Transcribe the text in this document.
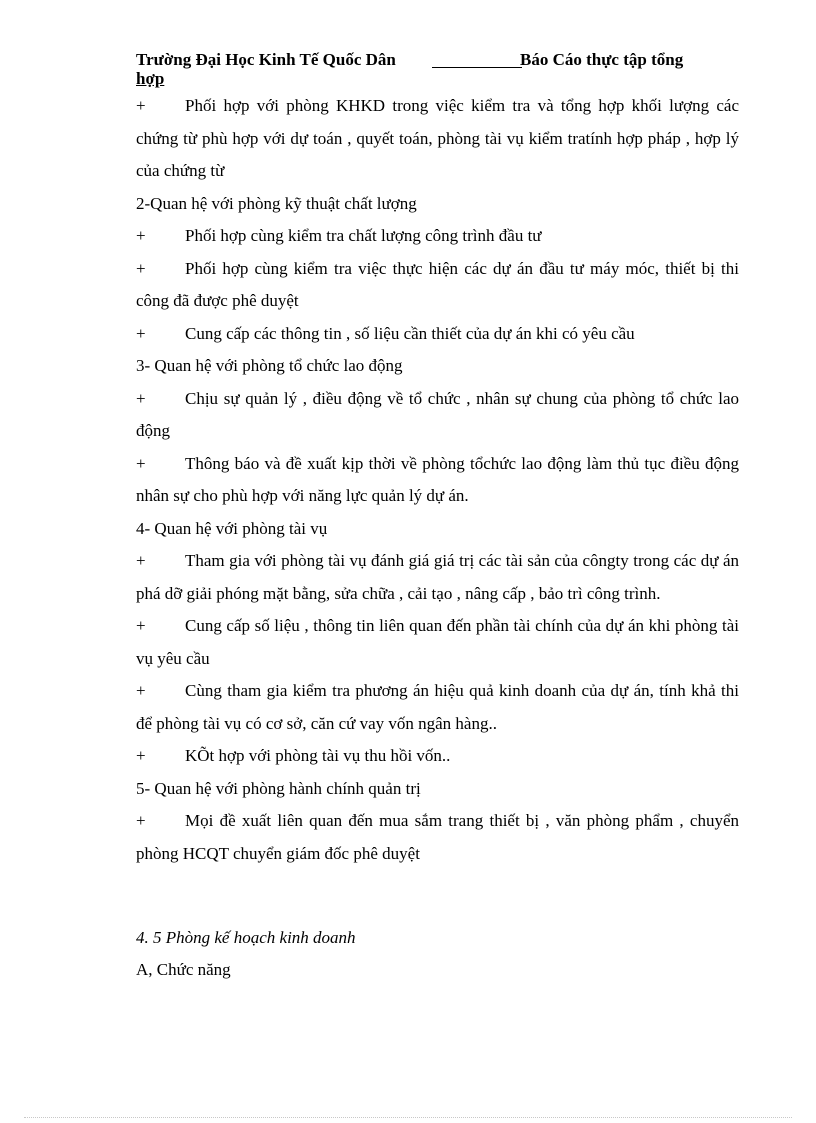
Trường Đại Học Kinh Tế Quốc Dân	Báo Cáo thực tập tổng
hợp

+ Phối hợp với phòng KHKD trong việc kiểm tra và tổng hợp khối lượng các chứng từ phù hợp với dự toán , quyết toán, phòng tài vụ kiểm tratính hợp pháp , hợp lý của chứng từ

2-Quan hệ với phòng kỹ thuật chất lượng

+ Phối hợp cùng kiểm tra chất lượng công trình đầu tư

+ Phối hợp cùng kiểm tra việc thực hiện các dự án đầu tư máy móc, thiết bị thi công đã được phê duyệt

+ Cung cấp các thông tin , số liệu cần thiết của dự án khi có yêu cầu

3- Quan hệ với phòng tổ chức lao động

+ Chịu sự quản lý , điều động về tổ chức , nhân sự chung của phòng tổ chức lao động

+ Thông báo và đề xuất kịp thời về phòng tổchức lao động làm thủ tục điều động nhân sự cho phù hợp với năng lực quản lý dự án.

4- Quan hệ với phòng tài vụ

+ Tham gia với phòng tài vụ đánh giá giá trị các tài sản của côngty trong các dự án phá dỡ giải phóng mặt bằng, sửa chữa , cải tạo , nâng cấp , bảo trì công trình.

+ Cung cấp số liệu , thông tin liên quan đến phần tài chính của dự án khi phòng tài vụ yêu cầu

+ Cùng tham gia kiểm tra phương án hiệu quả kinh doanh của dự án, tính khả thi để phòng tài vụ có cơ sở, căn cứ vay vốn ngân hàng..

+ KÕt hợp với phòng tài vụ thu hồi vốn..

5- Quan hệ với phòng hành chính quản trị

+ Mọi đề xuất liên quan đến mua sắm trang thiết bị , văn phòng phẩm , chuyển phòng HCQT chuyển giám đốc phê duyệt

4. 5 Phòng kế hoạch kinh doanh
A, Chức năng
